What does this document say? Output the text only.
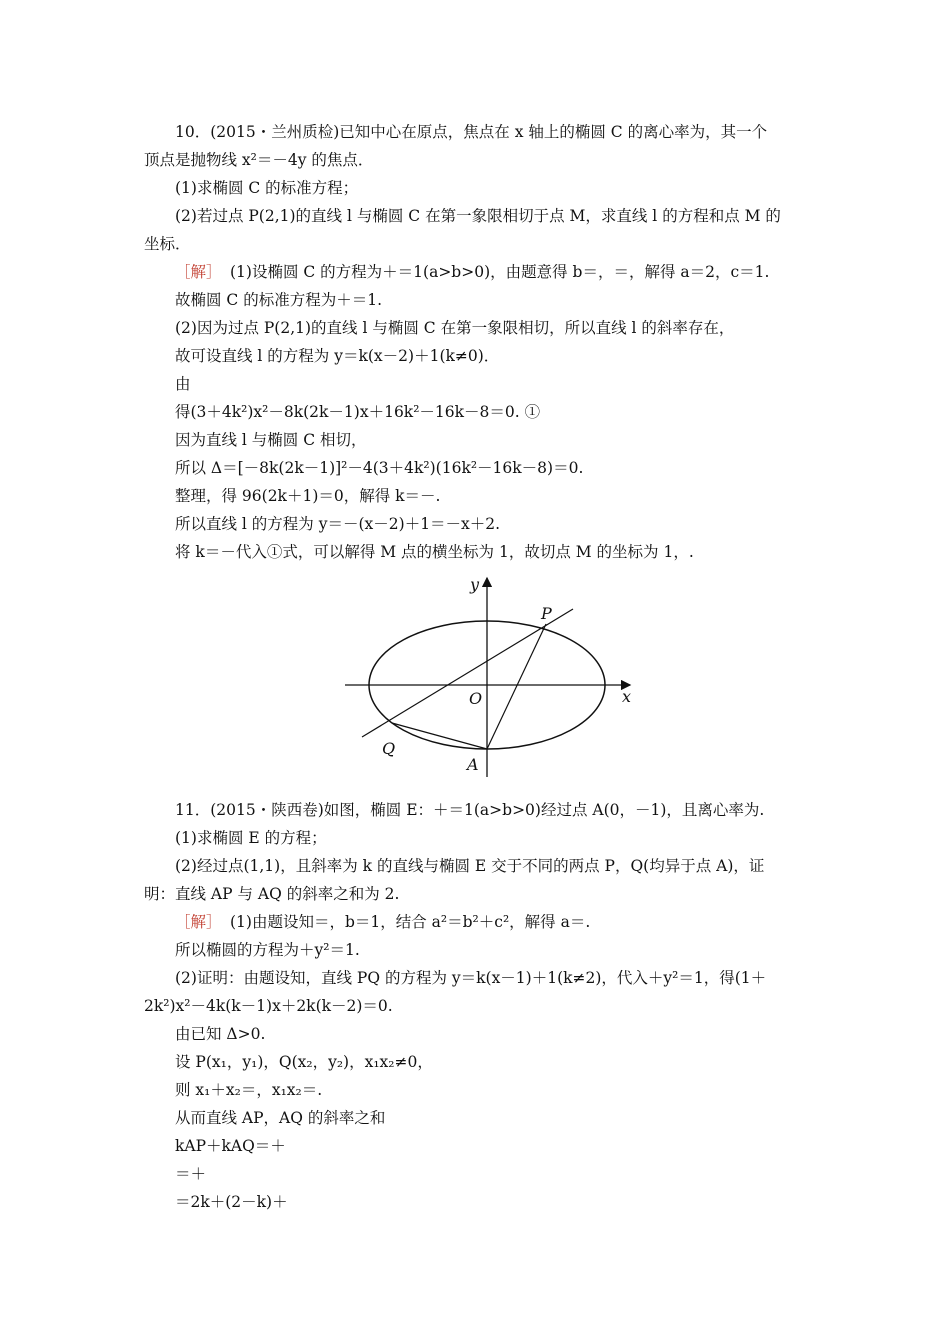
10．(2015・兰州质检)已知中心在原点，焦点在 x 轴上的椭圆 C 的离心率为，其一个
顶点是抛物线 x²＝－4y 的焦点．
(1)求椭圆 C 的标准方程；
(2)若过点 P(2,1)的直线 l 与椭圆 C 在第一象限相切于点 M，求直线 l 的方程和点 M 的
坐标．
［解］ (1)设椭圆 C 的方程为＋＝1(a>b>0)，由题意得 b＝，＝，解得 a＝2，c＝1.
故椭圆 C 的标准方程为＋＝1.
(2)因为过点 P(2,1)的直线 l 与椭圆 C 在第一象限相切，所以直线 l 的斜率存在，
故可设直线 l 的方程为 y＝k(x－2)＋1(k≠0)．
由
得(3＋4k²)x²－8k(2k－1)x＋16k²－16k－8＝0. ①
因为直线 l 与椭圆 C 相切，
所以 Δ＝[－8k(2k－1)]²－4(3＋4k²)(16k²－16k－8)＝0.
整理，得 96(2k＋1)＝0，解得 k＝－.
所以直线 l 的方程为 y＝－(x－2)＋1＝－x＋2.
将 k＝－代入①式，可以解得 M 点的横坐标为 1，故切点 M 的坐标为 1，.
y
x
O
P
Q
A
11．(2015・陕西卷)如图，椭圆 E：＋＝1(a>b>0)经过点 A(0，－1)，且离心率为.
(1)求椭圆 E 的方程；
(2)经过点(1,1)，且斜率为 k 的直线与椭圆 E 交于不同的两点 P，Q(均异于点 A)，证
明：直线 AP 与 AQ 的斜率之和为 2.
［解］ (1)由题设知＝，b＝1，结合 a²＝b²＋c²，解得 a＝.
所以椭圆的方程为＋y²＝1.
(2)证明：由题设知，直线 PQ 的方程为 y＝k(x－1)＋1(k≠2)，代入＋y²＝1，得(1＋
2k²)x²－4k(k－1)x＋2k(k－2)＝0.
由已知 Δ>0.
设 P(x₁，y₁)，Q(x₂，y₂)，x₁x₂≠0，
则 x₁＋x₂＝，x₁x₂＝.
从而直线 AP，AQ 的斜率之和
kAP＋kAQ＝＋
＝＋
＝2k＋(2－k)＋
